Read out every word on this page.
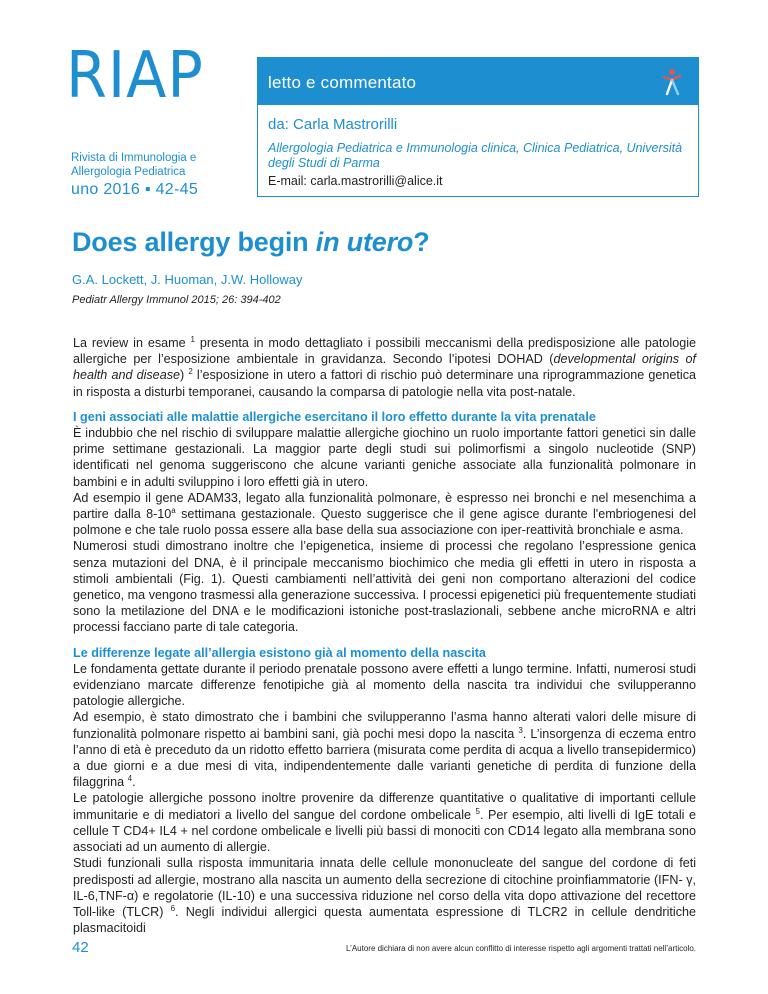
RIAP
Rivista di Immunologia e Allergologia Pediatrica
uno 2016 ▪ 42-45
letto e commentato
da: Carla Mastrorilli
Allergologia Pediatrica e Immunologia clinica, Clinica Pediatrica, Università degli Studi di Parma
E-mail: carla.mastrorilli@alice.it
Does allergy begin in utero?
G.A. Lockett, J. Huoman, J.W. Holloway
Pediatr Allergy Immunol 2015; 26: 394-402

La review in esame $^1$ presenta in modo dettagliato i possibili meccanismi della predisposizione alle patologie allergiche per l’esposizione ambientale in gravidanza. Secondo l’ipotesi DOHAD (developmental origins of health and disease) $^2$ l’esposizione in utero a fattori di rischio può determinare una riprogrammazione genetica in risposta a disturbi temporanei, causando la comparsa di patologie nella vita post-natale.

I geni associati alle malattie allergiche esercitano il loro effetto durante la vita prenatale

È indubbio che nel rischio di sviluppare malattie allergiche giochino un ruolo importante fattori genetici sin dalle prime settimane gestazionali. La maggior parte degli studi sui polimorfismi a singolo nucleotide (SNP) identificati nel genoma suggeriscono che alcune varianti geniche associate alla funzionalità polmonare in bambini e in adulti sviluppino i loro effetti già in utero.

Ad esempio il gene ADAM33, legato alla funzionalità polmonare, è espresso nei bronchi e nel mesenchima a partire dalla 8-10$^a$ settimana gestazionale. Questo suggerisce che il gene agisce durante l'embriogenesi del polmone e che tale ruolo possa essere alla base della sua associazione con iper-reattività bronchiale e asma.

Numerosi studi dimostrano inoltre che l’epigenetica, insieme di processi che regolano l’espressione genica senza mutazioni del DNA, è il principale meccanismo biochimico che media gli effetti in utero in risposta a stimoli ambientali (Fig. 1). Questi cambiamenti nell’attività dei geni non comportano alterazioni del codice genetico, ma vengono trasmessi alla generazione successiva. I processi epigenetici più frequentemente studiati sono la metilazione del DNA e le modificazioni istoniche post-traslazionali, sebbene anche microRNA e altri processi facciano parte di tale categoria.

Le differenze legate all’allergia esistono già al momento della nascita

Le fondamenta gettate durante il periodo prenatale possono avere effetti a lungo termine. Infatti, numerosi studi evidenziano marcate differenze fenotipiche già al momento della nascita tra individui che svilupperanno patologie allergiche.

Ad esempio, è stato dimostrato che i bambini che svilupperanno l’asma hanno alterati valori delle misure di funzionalità polmonare rispetto ai bambini sani, già pochi mesi dopo la nascita $^3$. L’insorgenza di eczema entro l’anno di età è preceduto da un ridotto effetto barriera (misurata come perdita di acqua a livello transepidermico) a due giorni e a due mesi di vita, indipendentemente dalle varianti genetiche di perdita di funzione della filaggrina $^4$.

Le patologie allergiche possono inoltre provenire da differenze quantitative o qualitative di importanti cellule immunitarie e di mediatori a livello del sangue del cordone ombelicale $^5$. Per esempio, alti livelli di IgE totali e cellule T CD4+ IL4 + nel cordone ombelicale e livelli più bassi di monociti con CD14 legato alla membrana sono associati ad un aumento di allergie.

Studi funzionali sulla risposta immunitaria innata delle cellule mononucleate del sangue del cordone di feti predisposti ad allergie, mostrano alla nascita un aumento della secrezione di citochine proinfiammatorie (IFN- γ, IL-6,TNF-α) e regolatorie (IL-10) e una successiva riduzione nel corso della vita dopo attivazione del recettore Toll-like (TLCR) $^6$. Negli individui allergici questa aumentata espressione di TLCR2 in cellule dendritiche plasmacitoidi

42	L’Autore dichiara di non avere alcun conflitto di interesse rispetto agli argomenti trattati nell’articolo.
